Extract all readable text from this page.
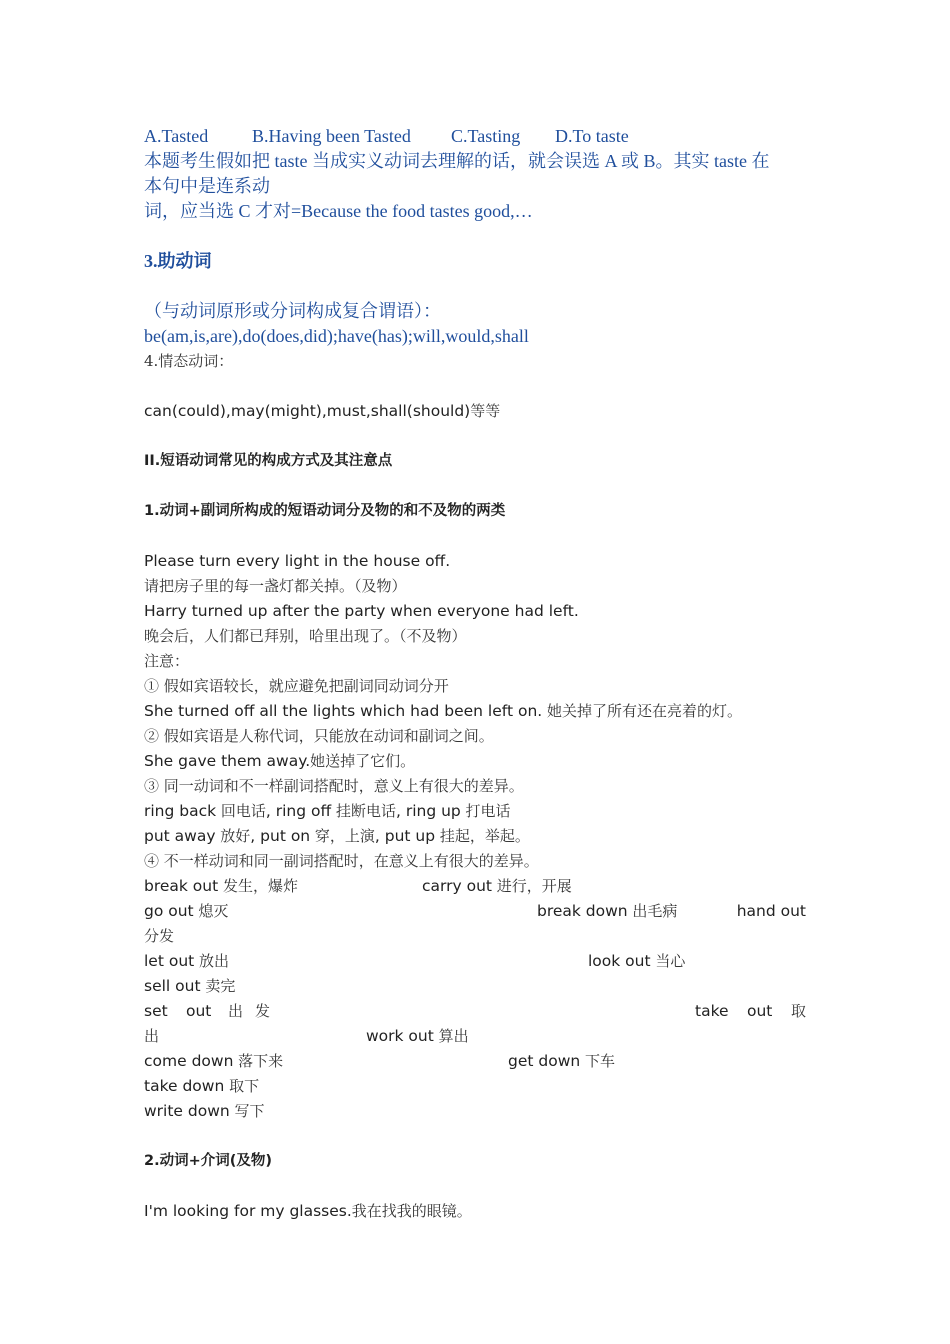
A.Tasted B.Having been Tasted C.Tasting D.To taste
本题考生假如把 taste 当成实义动词去理解的话，就会误选 A 或 B。其实 taste 在
本句中是连系动
词，应当选 C 才对=Because the food tastes good,…
3.助动词
（与动词原形或分词构成复合谓语）：
be(am,is,are),do(does,did);have(has);will,would,shall
4.情态动词：
can(could),may(might),must,shall(should)等等
II.短语动词常见的构成方式及其注意点
1.动词+副词所构成的短语动词分及物的和不及物的两类
Please turn every light in the house off.
请把房子里的每一盏灯都关掉。（及物）
Harry turned up after the party when everyone had left.
晚会后，人们都已拜别，哈里出现了。（不及物）
注意：
① 假如宾语较长，就应避免把副词同动词分开
She turned off all the lights which had been left on. 她关掉了所有还在亮着的灯。
② 假如宾语是人称代词，只能放在动词和副词之间。
She gave them away.她送掉了它们。
③ 同一动词和不一样副词搭配时，意义上有很大的差异。
ring back 回电话, ring off 挂断电话, ring up 打电话
put away 放好, put on 穿，上演, put up 挂起，举起。
④ 不一样动词和同一副词搭配时，在意义上有很大的差异。
break out 发生，爆炸	carry out 进行，开展
go out 熄灭	break down 出毛病	hand out
分发
let out 放出	look out 当心
sell out 卖完
set out 出 发	take out 取
出	work out 算出
come down 落下来	get down 下车
take down 取下
write down 写下
2.动词+介词(及物)
I'm looking for my glasses.我在找我的眼镜。
